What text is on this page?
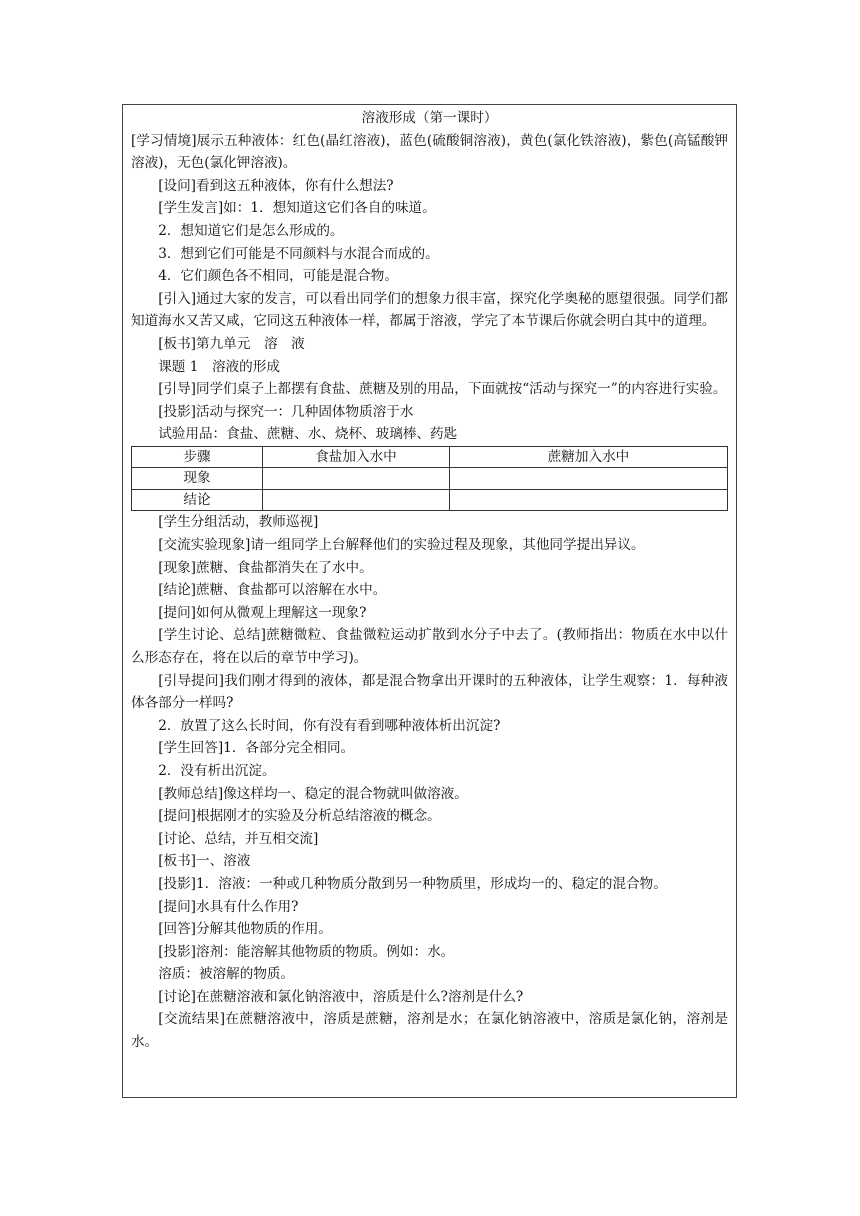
溶液形成（第一课时）

[学习情境]展示五种液体：红色(晶红溶液)，蓝色(硫酸铜溶液)，黄色(氯化铁溶液)，紫色(高锰酸钾溶液)，无色(氯化钾溶液)。

[设问]看到这五种液体，你有什么想法?

[学生发言]如：1．想知道这它们各自的味道。

2．想知道它们是怎么形成的。

3．想到它们可能是不同颜料与水混合而成的。

4．它们颜色各不相同，可能是混合物。

[引入]通过大家的发言，可以看出同学们的想象力很丰富，探究化学奥秘的愿望很强。同学们都知道海水又苦又咸，它同这五种液体一样，都属于溶液，学完了本节课后你就会明白其中的道理。

[板书]第九单元　溶　液

课题 1　溶液的形成

[引导]同学们桌子上都摆有食盐、蔗糖及别的用品，下面就按“活动与探究一”的内容进行实验。

[投影]活动与探究一：几种固体物质溶于水

试验用品：食盐、蔗糖、水、烧杯、玻璃棒、药匙

步骤	食盐加入水中	蔗糖加入水中
现象		
结论		

[学生分组活动，教师巡视]

[交流实验现象]请一组同学上台解释他们的实验过程及现象，其他同学提出异议。

[现象]蔗糖、食盐都消失在了水中。

[结论]蔗糖、食盐都可以溶解在水中。

[提问]如何从微观上理解这一现象?

[学生讨论、总结]蔗糖微粒、食盐微粒运动扩散到水分子中去了。(教师指出：物质在水中以什么形态存在，将在以后的章节中学习)。

[引导提问]我们刚才得到的液体，都是混合物拿出开课时的五种液体，让学生观察：1．每种液体各部分一样吗?

2．放置了这么长时间，你有没有看到哪种液体析出沉淀?

[学生回答]1．各部分完全相同。

2．没有析出沉淀。

[教师总结]像这样均一、稳定的混合物就叫做溶液。

[提问]根据刚才的实验及分析总结溶液的概念。

[讨论、总结，并互相交流]

[板书]一、溶液

[投影]1．溶液：一种或几种物质分散到另一种物质里，形成均一的、稳定的混合物。

[提问]水具有什么作用?

[回答]分解其他物质的作用。

[投影]溶剂：能溶解其他物质的物质。例如：水。

溶质：被溶解的物质。

[讨论]在蔗糖溶液和氯化钠溶液中，溶质是什么?溶剂是什么?

[交流结果]在蔗糖溶液中，溶质是蔗糖，溶剂是水；在氯化钠溶液中，溶质是氯化钠，溶剂是水。
